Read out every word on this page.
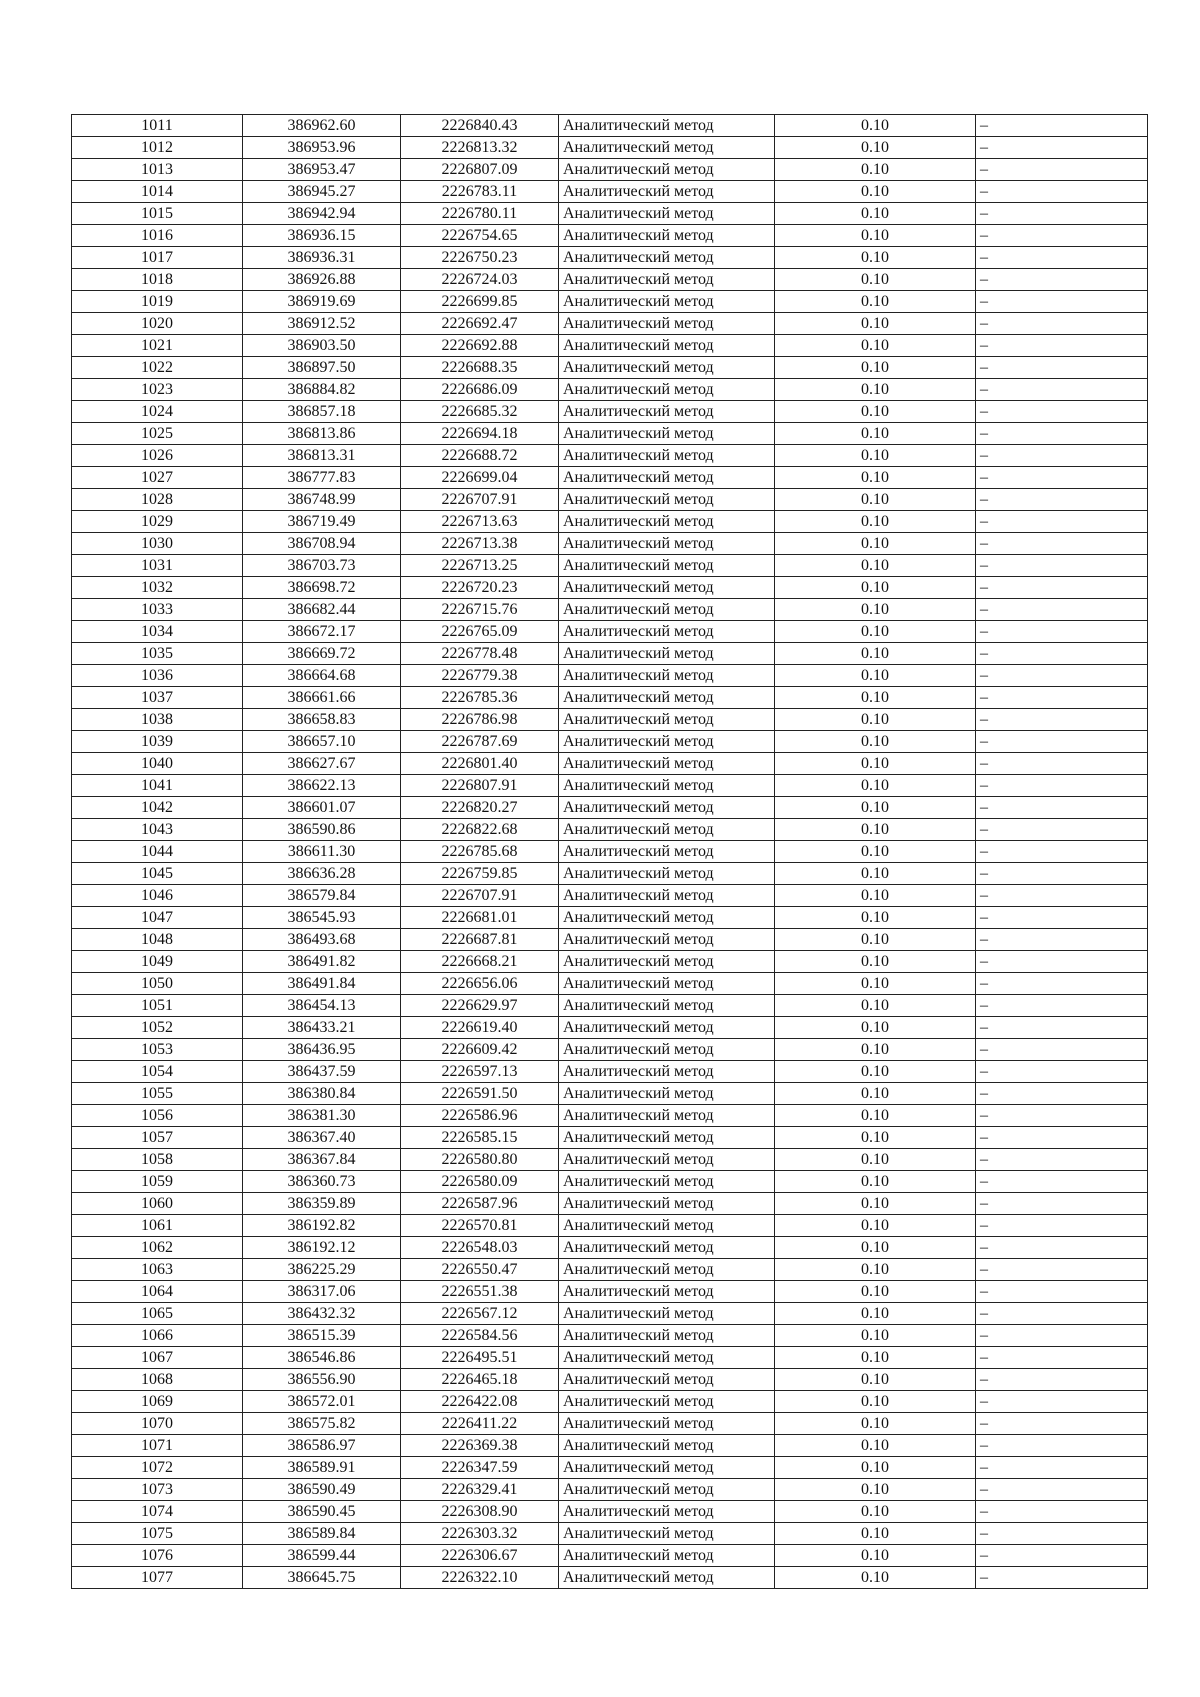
1011	386962.60	2226840.43	Аналитический метод	0.10	–
1012	386953.96	2226813.32	Аналитический метод	0.10	–
1013	386953.47	2226807.09	Аналитический метод	0.10	–
1014	386945.27	2226783.11	Аналитический метод	0.10	–
1015	386942.94	2226780.11	Аналитический метод	0.10	–
1016	386936.15	2226754.65	Аналитический метод	0.10	–
1017	386936.31	2226750.23	Аналитический метод	0.10	–
1018	386926.88	2226724.03	Аналитический метод	0.10	–
1019	386919.69	2226699.85	Аналитический метод	0.10	–
1020	386912.52	2226692.47	Аналитический метод	0.10	–
1021	386903.50	2226692.88	Аналитический метод	0.10	–
1022	386897.50	2226688.35	Аналитический метод	0.10	–
1023	386884.82	2226686.09	Аналитический метод	0.10	–
1024	386857.18	2226685.32	Аналитический метод	0.10	–
1025	386813.86	2226694.18	Аналитический метод	0.10	–
1026	386813.31	2226688.72	Аналитический метод	0.10	–
1027	386777.83	2226699.04	Аналитический метод	0.10	–
1028	386748.99	2226707.91	Аналитический метод	0.10	–
1029	386719.49	2226713.63	Аналитический метод	0.10	–
1030	386708.94	2226713.38	Аналитический метод	0.10	–
1031	386703.73	2226713.25	Аналитический метод	0.10	–
1032	386698.72	2226720.23	Аналитический метод	0.10	–
1033	386682.44	2226715.76	Аналитический метод	0.10	–
1034	386672.17	2226765.09	Аналитический метод	0.10	–
1035	386669.72	2226778.48	Аналитический метод	0.10	–
1036	386664.68	2226779.38	Аналитический метод	0.10	–
1037	386661.66	2226785.36	Аналитический метод	0.10	–
1038	386658.83	2226786.98	Аналитический метод	0.10	–
1039	386657.10	2226787.69	Аналитический метод	0.10	–
1040	386627.67	2226801.40	Аналитический метод	0.10	–
1041	386622.13	2226807.91	Аналитический метод	0.10	–
1042	386601.07	2226820.27	Аналитический метод	0.10	–
1043	386590.86	2226822.68	Аналитический метод	0.10	–
1044	386611.30	2226785.68	Аналитический метод	0.10	–
1045	386636.28	2226759.85	Аналитический метод	0.10	–
1046	386579.84	2226707.91	Аналитический метод	0.10	–
1047	386545.93	2226681.01	Аналитический метод	0.10	–
1048	386493.68	2226687.81	Аналитический метод	0.10	–
1049	386491.82	2226668.21	Аналитический метод	0.10	–
1050	386491.84	2226656.06	Аналитический метод	0.10	–
1051	386454.13	2226629.97	Аналитический метод	0.10	–
1052	386433.21	2226619.40	Аналитический метод	0.10	–
1053	386436.95	2226609.42	Аналитический метод	0.10	–
1054	386437.59	2226597.13	Аналитический метод	0.10	–
1055	386380.84	2226591.50	Аналитический метод	0.10	–
1056	386381.30	2226586.96	Аналитический метод	0.10	–
1057	386367.40	2226585.15	Аналитический метод	0.10	–
1058	386367.84	2226580.80	Аналитический метод	0.10	–
1059	386360.73	2226580.09	Аналитический метод	0.10	–
1060	386359.89	2226587.96	Аналитический метод	0.10	–
1061	386192.82	2226570.81	Аналитический метод	0.10	–
1062	386192.12	2226548.03	Аналитический метод	0.10	–
1063	386225.29	2226550.47	Аналитический метод	0.10	–
1064	386317.06	2226551.38	Аналитический метод	0.10	–
1065	386432.32	2226567.12	Аналитический метод	0.10	–
1066	386515.39	2226584.56	Аналитический метод	0.10	–
1067	386546.86	2226495.51	Аналитический метод	0.10	–
1068	386556.90	2226465.18	Аналитический метод	0.10	–
1069	386572.01	2226422.08	Аналитический метод	0.10	–
1070	386575.82	2226411.22	Аналитический метод	0.10	–
1071	386586.97	2226369.38	Аналитический метод	0.10	–
1072	386589.91	2226347.59	Аналитический метод	0.10	–
1073	386590.49	2226329.41	Аналитический метод	0.10	–
1074	386590.45	2226308.90	Аналитический метод	0.10	–
1075	386589.84	2226303.32	Аналитический метод	0.10	–
1076	386599.44	2226306.67	Аналитический метод	0.10	–
1077	386645.75	2226322.10	Аналитический метод	0.10	–
